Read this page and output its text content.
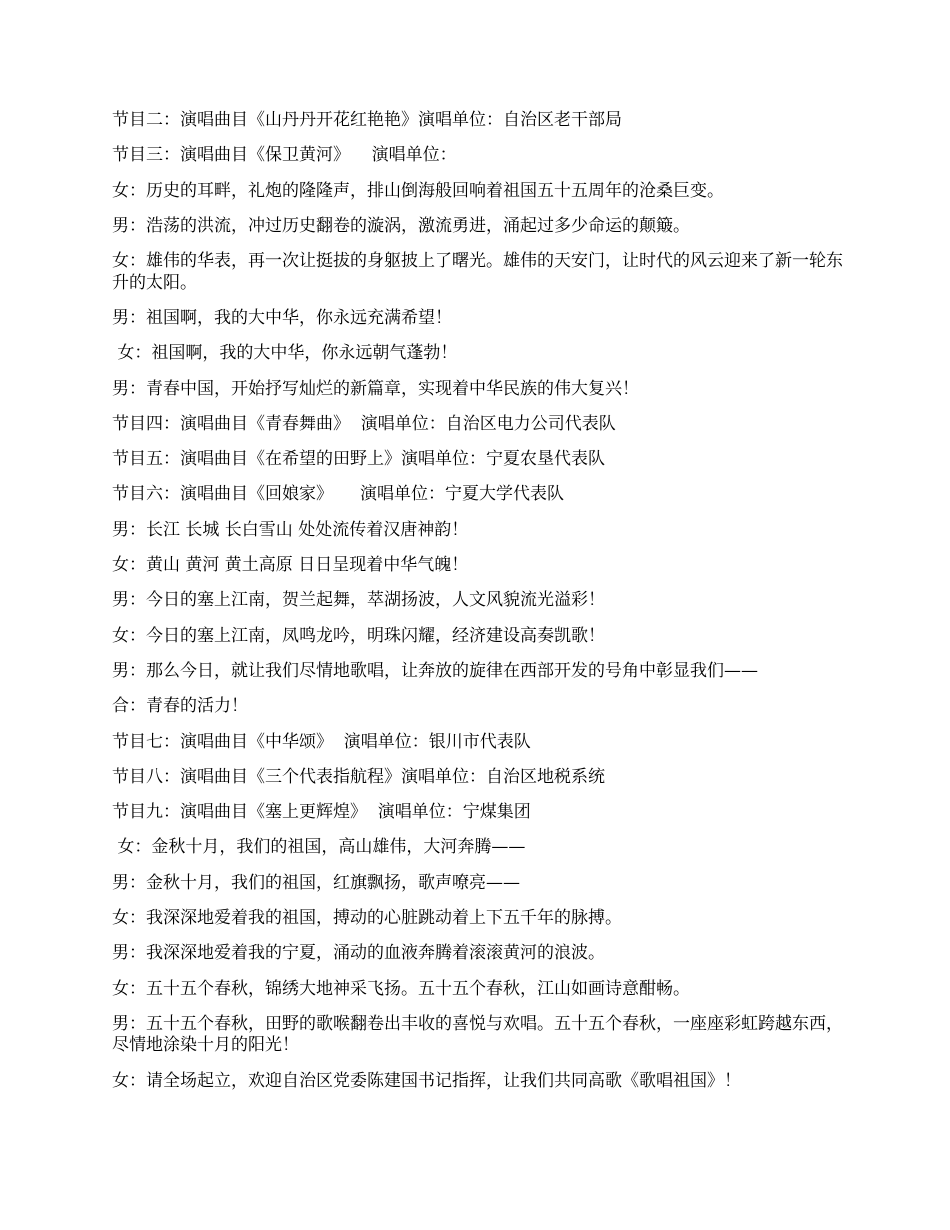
节目二：演唱曲目《山丹丹开花红艳艳》演唱单位：自治区老干部局

节目三：演唱曲目《保卫黄河》    演唱单位：

女：历史的耳畔，礼炮的隆隆声，排山倒海般回响着祖国五十五周年的沧桑巨变。

男：浩荡的洪流，冲过历史翻卷的漩涡，激流勇进，涌起过多少命运的颠簸。

女：雄伟的华表，再一次让挺拔的身躯披上了曙光。雄伟的天安门，让时代的风云迎来了新一轮东升的太阳。

男：祖国啊，我的大中华，你永远充满希望！

女：祖国啊，我的大中华，你永远朝气蓬勃！

男：青春中国，开始抒写灿烂的新篇章，实现着中华民族的伟大复兴！

节目四：演唱曲目《青春舞曲》  演唱单位：自治区电力公司代表队

节目五：演唱曲目《在希望的田野上》演唱单位：宁夏农垦代表队

节目六：演唱曲目《回娘家》     演唱单位：宁夏大学代表队

男：长江 长城 长白雪山 处处流传着汉唐神韵！

女：黄山 黄河 黄土高原 日日呈现着中华气魄！

男：今日的塞上江南，贺兰起舞，萃湖扬波，人文风貌流光溢彩！

女：今日的塞上江南，凤鸣龙吟，明珠闪耀，经济建设高奏凯歌！

男：那么今日，就让我们尽情地歌唱，让奔放的旋律在西部开发的号角中彰显我们——

合：青春的活力！

节目七：演唱曲目《中华颂》  演唱单位：银川市代表队

节目八：演唱曲目《三个代表指航程》演唱单位：自治区地税系统

节目九：演唱曲目《塞上更辉煌》  演唱单位：宁煤集团

女：金秋十月，我们的祖国，高山雄伟，大河奔腾——

男：金秋十月，我们的祖国，红旗飘扬，歌声嘹亮——

女：我深深地爱着我的祖国，搏动的心脏跳动着上下五千年的脉搏。

男：我深深地爱着我的宁夏，涌动的血液奔腾着滚滚黄河的浪波。

女：五十五个春秋，锦绣大地神采飞扬。五十五个春秋，江山如画诗意酣畅。

男：五十五个春秋，田野的歌喉翻卷出丰收的喜悦与欢唱。五十五个春秋，一座座彩虹跨越东西，尽情地涂染十月的阳光！

女：请全场起立，欢迎自治区党委陈建国书记指挥，让我们共同高歌《歌唱祖国》！
